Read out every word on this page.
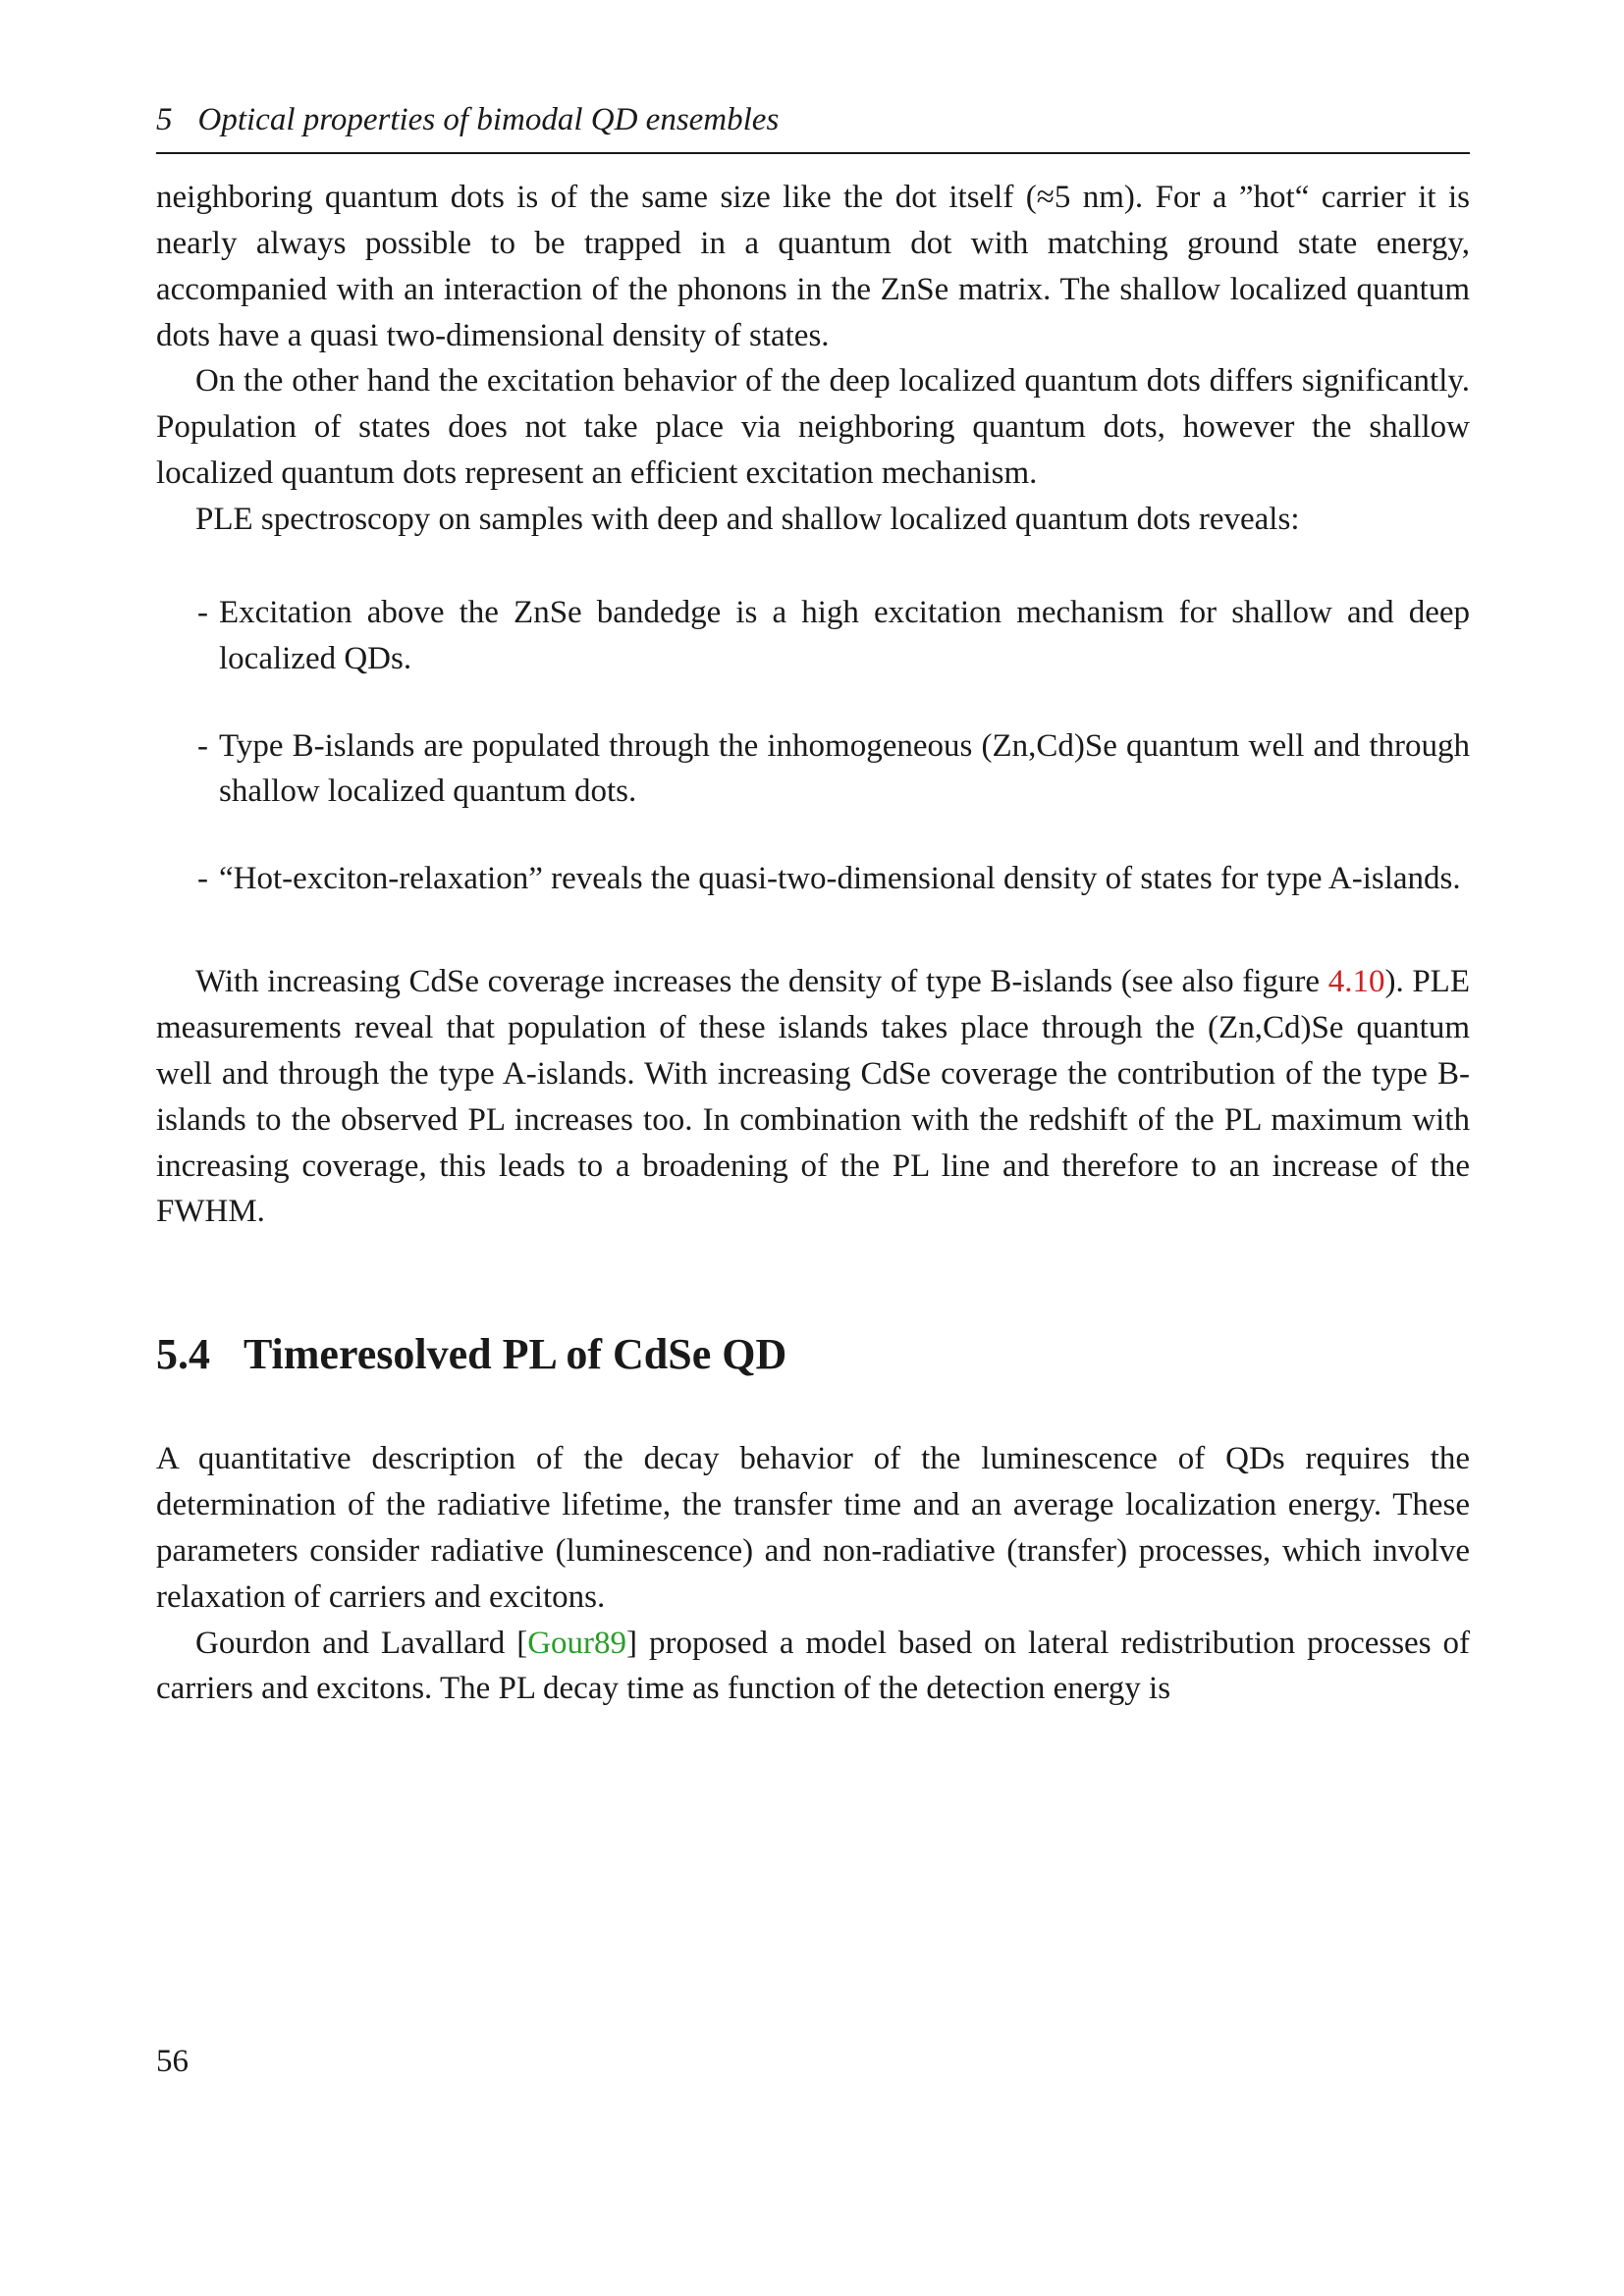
5 Optical properties of bimodal QD ensembles

neighboring quantum dots is of the same size like the dot itself (≈5 nm). For a ”hot“ carrier it is nearly always possible to be trapped in a quantum dot with matching ground state energy, accompanied with an interaction of the phonons in the ZnSe matrix. The shallow localized quantum dots have a quasi two-dimensional density of states.

On the other hand the excitation behavior of the deep localized quantum dots differs significantly. Population of states does not take place via neighboring quantum dots, however the shallow localized quantum dots represent an efficient excitation mechanism.

PLE spectroscopy on samples with deep and shallow localized quantum dots reveals:

- Excitation above the ZnSe bandedge is a high excitation mechanism for shallow and deep localized QDs.
- Type B-islands are populated through the inhomogeneous (Zn,Cd)Se quantum well and through shallow localized quantum dots.
- “Hot-exciton-relaxation” reveals the quasi-two-dimensional density of states for type A-islands.

With increasing CdSe coverage increases the density of type B-islands (see also figure 4.10). PLE measurements reveal that population of these islands takes place through the (Zn,Cd)Se quantum well and through the type A-islands. With increasing CdSe coverage the contribution of the type B-islands to the observed PL increases too. In combination with the redshift of the PL maximum with increasing coverage, this leads to a broadening of the PL line and therefore to an increase of the FWHM.

5.4 Timeresolved PL of CdSe QD

A quantitative description of the decay behavior of the luminescence of QDs requires the determination of the radiative lifetime, the transfer time and an average localization energy. These parameters consider radiative (luminescence) and non-radiative (transfer) processes, which involve relaxation of carriers and excitons.

Gourdon and Lavallard [Gour89] proposed a model based on lateral redistribution processes of carriers and excitons. The PL decay time as function of the detection energy is

56
